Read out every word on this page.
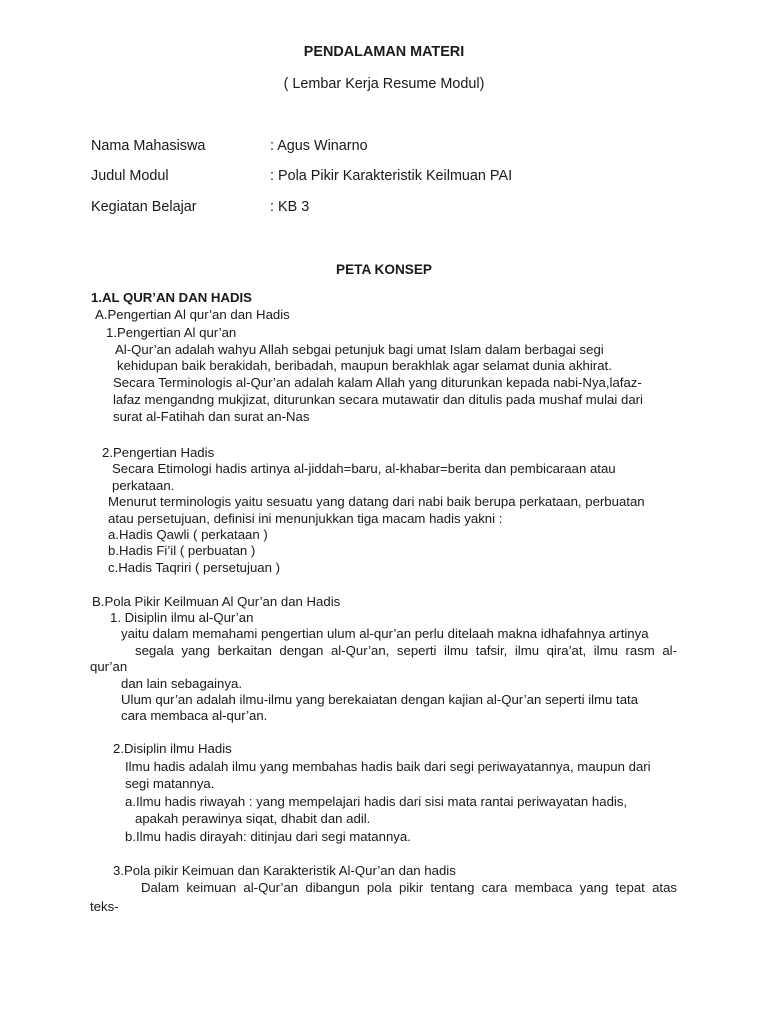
PENDALAMAN MATERI
( Lembar Kerja Resume Modul)
Nama Mahasiswa	: Agus Winarno
Judul Modul	: Pola Pikir Karakteristik Keilmuan PAI
Kegiatan Belajar	: KB 3
PETA KONSEP
1.AL QUR’AN DAN HADIS
A.Pengertian Al qur’an dan Hadis
1.Pengertian Al qur’an
Al-Qur’an adalah wahyu Allah sebgai petunjuk bagi umat Islam dalam berbagai segi
kehidupan baik berakidah, beribadah, maupun berakhlak agar selamat dunia akhirat.
Secara Terminologis al-Qur’an adalah kalam Allah yang diturunkan kepada nabi-Nya,lafaz-
lafaz mengandng mukjizat, diturunkan secara mutawatir dan ditulis pada mushaf mulai dari
surat al-Fatihah dan surat an-Nas
2.Pengertian Hadis
Secara Etimologi hadis artinya al-jiddah=baru, al-khabar=berita dan pembicaraan atau
perkataan.
Menurut terminologis yaitu sesuatu yang datang dari nabi baik berupa perkataan, perbuatan
atau persetujuan, definisi ini menunjukkan tiga macam hadis yakni :
a.Hadis Qawli ( perkataan )
b.Hadis Fi’il ( perbuatan )
c.Hadis Taqriri ( persetujuan )
B.Pola Pikir Keilmuan Al Qur’an dan Hadis
1. Disiplin ilmu al-Qur’an
yaitu dalam memahami pengertian ulum al-qur’an perlu ditelaah makna idhafahnya artinya
segala yang berkaitan dengan al-Qur’an, seperti ilmu tafsir, ilmu qira’at, ilmu rasm al-
qur’an
dan lain sebagainya.
Ulum qur’an adalah ilmu-ilmu yang berekaiatan dengan kajian al-Qur’an seperti ilmu tata
cara membaca al-qur’an.
2.Disiplin ilmu Hadis
Ilmu hadis adalah ilmu yang membahas hadis baik dari segi periwayatannya, maupun dari
segi matannya.
a.Ilmu hadis riwayah : yang mempelajari hadis dari sisi mata rantai periwayatan hadis,
apakah perawinya siqat, dhabit dan adil.
b.Ilmu hadis dirayah: ditinjau dari segi matannya.
3.Pola pikir Keimuan dan Karakteristik Al-Qur’an dan hadis
Dalam keimuan al-Qur’an dibangun pola pikir tentang cara membaca yang tepat atas
teks-
